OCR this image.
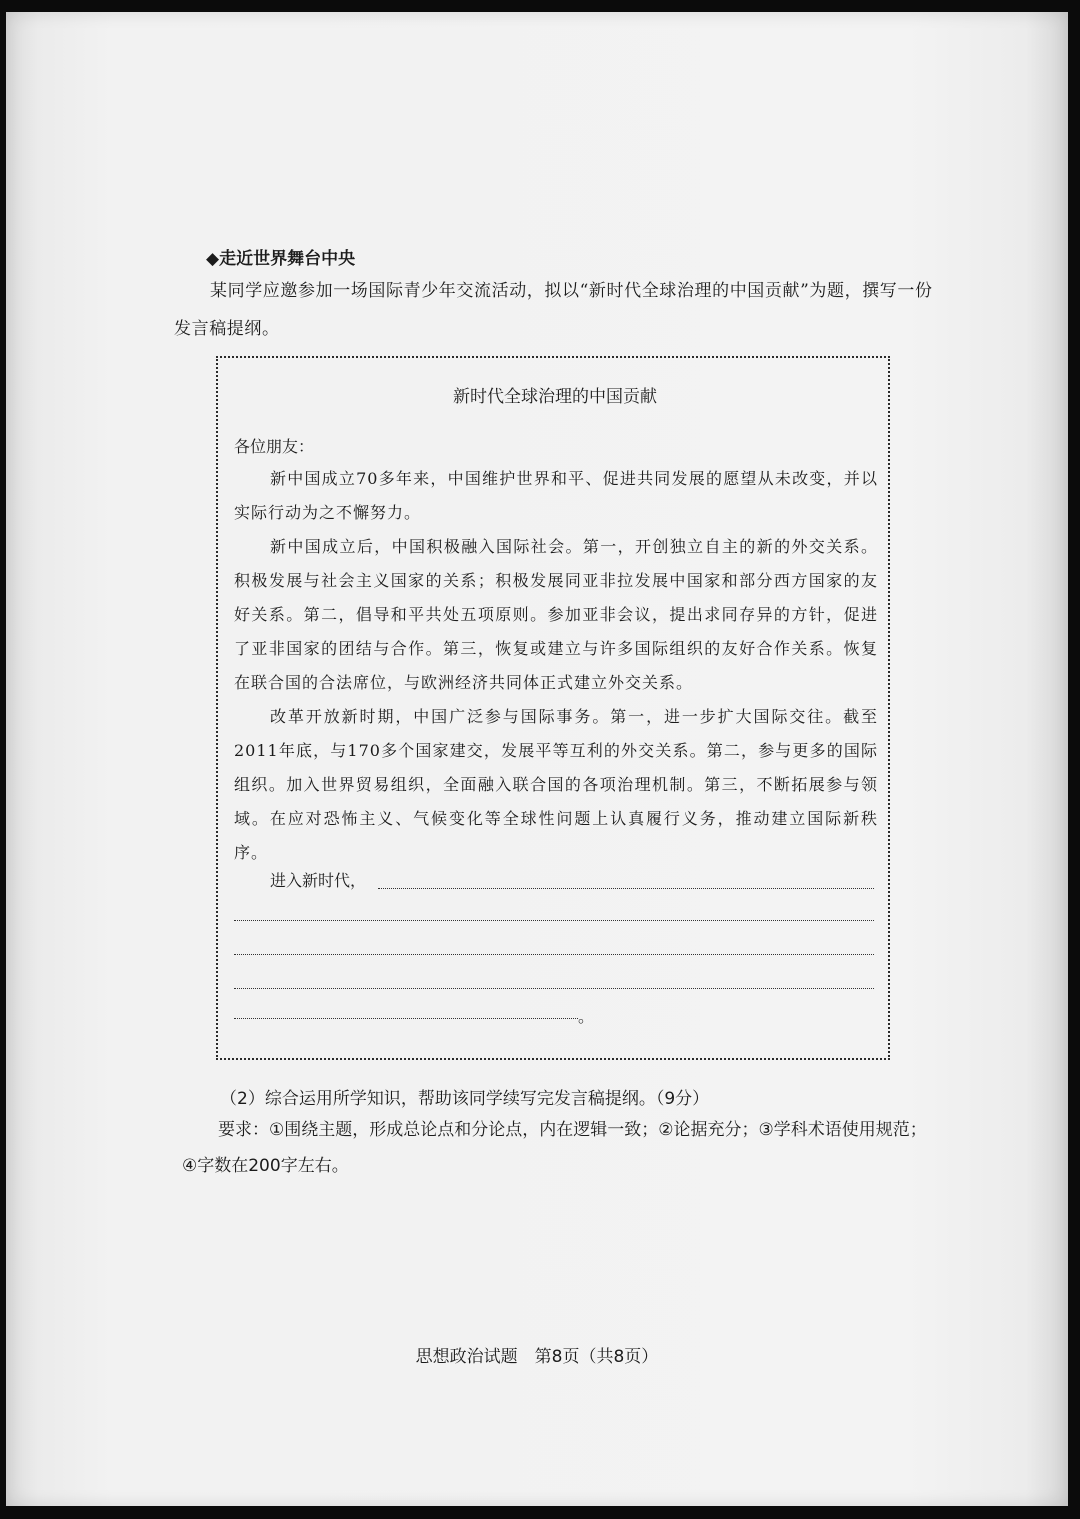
◆走近世界舞台中央

某同学应邀参加一场国际青少年交流活动，拟以“新时代全球治理的中国贡献”为题，撰写一份发言稿提纲。

新时代全球治理的中国贡献

各位朋友：

新中国成立70多年来，中国维护世界和平、促进共同发展的愿望从未改变，并以实际行动为之不懈努力。

新中国成立后，中国积极融入国际社会。第一，开创独立自主的新的外交关系。积极发展与社会主义国家的关系；积极发展同亚非拉发展中国家和部分西方国家的友好关系。第二，倡导和平共处五项原则。参加亚非会议，提出求同存异的方针，促进了亚非国家的团结与合作。第三，恢复或建立与许多国际组织的友好合作关系。恢复在联合国的合法席位，与欧洲经济共同体正式建立外交关系。

改革开放新时期，中国广泛参与国际事务。第一，进一步扩大国际交往。截至2011年底，与170多个国家建交，发展平等互利的外交关系。第二，参与更多的国际组织。加入世界贸易组织，全面融入联合国的各项治理机制。第三，不断拓展参与领域。在应对恐怖主义、气候变化等全球性问题上认真履行义务，推动建立国际新秩序。

进入新时代，

。

（2）综合运用所学知识，帮助该同学续写完发言稿提纲。（9分）

要求：①围绕主题，形成总论点和分论点，内在逻辑一致；②论据充分；③学科术语使用规范；④字数在200字左右。

思想政治试题　第8页（共8页）
